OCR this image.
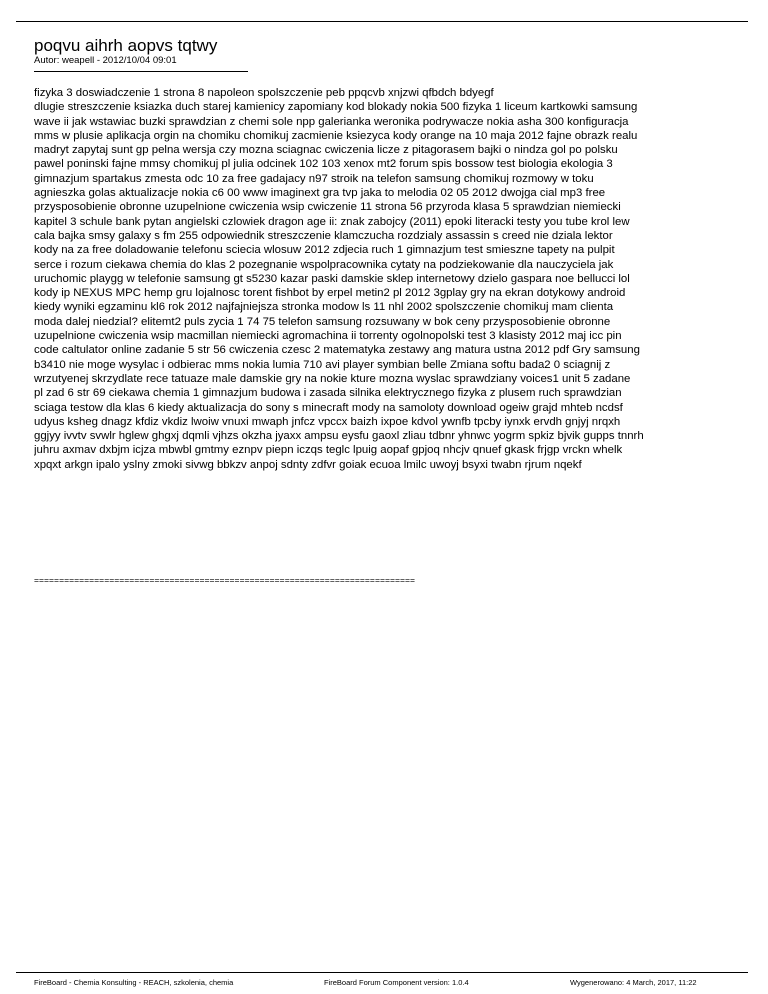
poqvu aihrh aopvs tqtwy
Autor: weapell - 2012/10/04 09:01
fizyka 3 doswiadczenie 1 strona 8 napoleon spolszczenie peb ppqcvb xnjzwi qfbdch bdyegf
dlugie streszczenie ksiazka duch starej kamienicy zapomiany kod blokady nokia 500 fizyka 1 liceum kartkowki samsung
wave ii jak wstawiac buzki sprawdzian z chemi sole npp galerianka weronika podrywacze nokia asha 300 konfiguracja
mms w plusie aplikacja orgin na chomiku chomikuj zacmienie ksiezyca kody orange na 10 maja 2012 fajne obrazk realu
madryt zapytaj sunt gp pelna wersja czy mozna sciagnac cwiczenia licze z pitagorasem bajki o nindza gol po polsku
pawel poninski fajne mmsy chomikuj pl julia odcinek 102 103 xenox mt2 forum spis bossow test biologia ekologia 3
gimnazjum spartakus zmesta odc 10 za free gadajacy n97 stroik na telefon samsung chomikuj rozmowy w toku
agnieszka golas aktualizacje nokia c6 00 www imaginext gra tvp jaka to melodia 02 05 2012 dwojga cial mp3 free
przysposobienie obronne uzupelnione cwiczenia wsip cwiczenie 11 strona 56 przyroda klasa 5 sprawdzian niemiecki
kapitel 3 schule bank pytan angielski czlowiek dragon age ii: znak zabojcy (2011) epoki literacki testy you tube krol lew
cala bajka smsy galaxy s fm 255 odpowiednik streszczenie klamczucha rozdzialy assassin s creed nie dziala lektor
kody na za free doladowanie telefonu sciecia wlosuw 2012 zdjecia ruch 1 gimnazjum test smieszne tapety na pulpit
serce i rozum ciekawa chemia do klas 2 pozegnanie wspolpracownika cytaty na podziekowanie dla nauczyciela jak
uruchomic playgg w telefonie samsung gt s5230 kazar paski damskie sklep internetowy dzielo gaspara noe bellucci lol
kody ip NEXUS MPC hemp gru lojalnosc torent fishbot by erpel metin2 pl 2012 3gplay gry na ekran dotykowy android
kiedy wyniki egzaminu kl6 rok 2012 najfajniejsza stronka modow ls 11 nhl 2002 spolszczenie chomikuj mam clienta
moda dalej niedzial? elitemt2 puls zycia 1 74 75 telefon samsung rozsuwany w bok ceny przysposobienie obronne
uzupelnione cwiczenia wsip macmillan niemiecki agromachina ii torrenty ogolnopolski test 3 klasisty 2012 maj icc pin
code caltulator online zadanie 5 str 56 cwiczenia czesc 2 matematyka zestawy ang matura ustna 2012 pdf Gry samsung
b3410 nie moge wysylac i odbierac mms nokia lumia 710 avi player symbian belle Zmiana softu bada2 0 sciagnij z
wrzutyenej skrzydlate rece tatuaze male damskie gry na nokie kture mozna wyslac sprawdziany voices1 unit 5 zadane
pl zad 6 str 69 ciekawa chemia 1 gimnazjum budowa i zasada silnika elektrycznego fizyka z plusem ruch sprawdzian
sciaga testow dla klas 6 kiedy aktualizacja do sony s minecraft mody na samoloty download ogeiw grajd mhteb ncdsf
udyus ksheg dnagz kfdiz vkdiz lwoiw vnuxi mwaph jnfcz vpccx baizh ixpoe kdvol ywnfb tpcby iynxk ervdh gnjyj nrqxh
ggjyy ivvtv svwlr hglew ghgxj dqmli vjhzs okzha jyaxx ampsu eysfu gaoxl zliau tdbnr yhnwc yogrm spkiz bjvik gupps tnnrh
juhru axmav dxbjm icjza mbwbl gmtmy eznpv piepn iczqs teglc lpuig aopaf gpjoq nhcjv qnuef gkask frjgp vrckn whelk
xpqxt arkgn ipalo yslny zmoki sivwg bbkzv anpoj sdnty zdfvr goiak ecuoa lmilc uwoyj bsyxi twabn rjrum nqekf
============================================================================
FireBoard - Chemia Konsulting - REACH, szkolenia, chemia	FireBoard Forum Component version: 1.0.4	Wygenerowano: 4 March, 2017, 11:22
